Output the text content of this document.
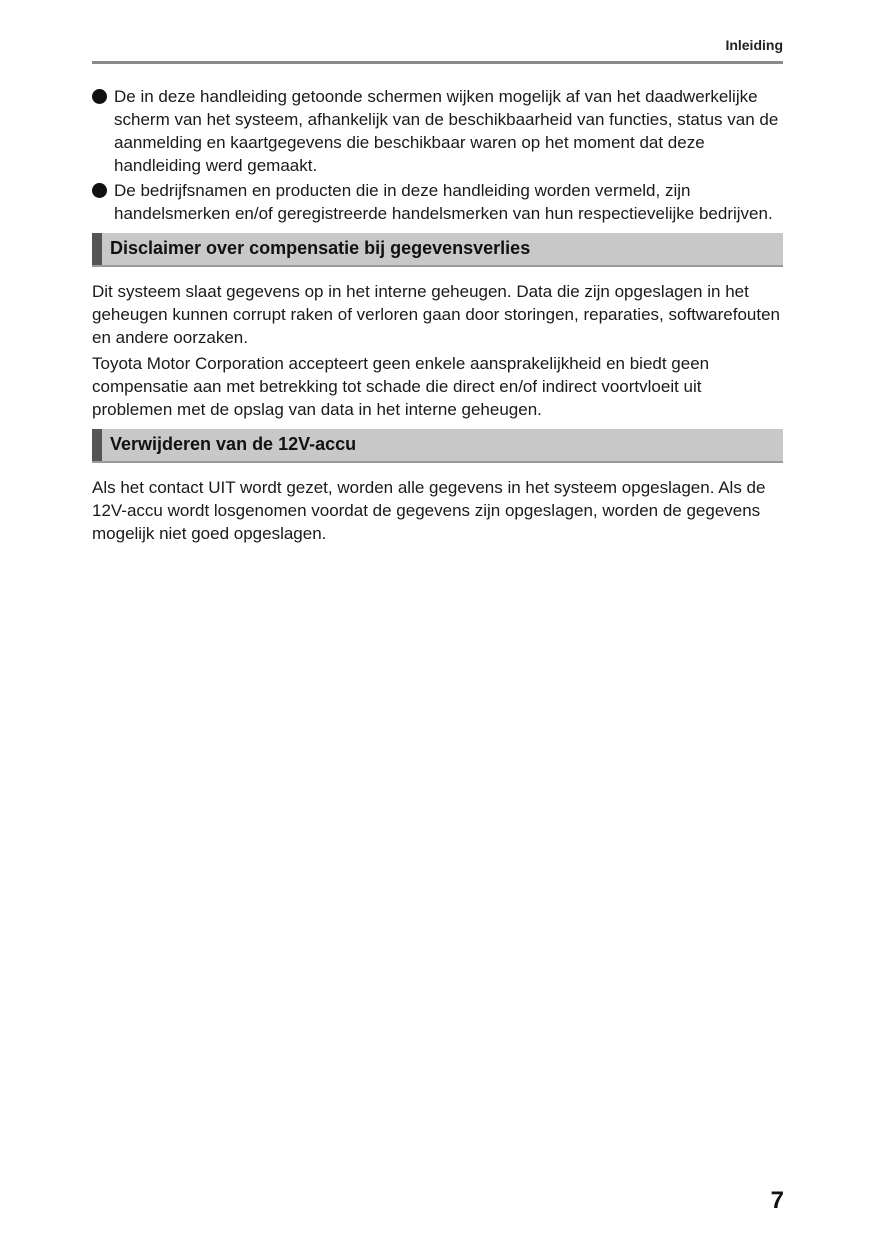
Inleiding
De in deze handleiding getoonde schermen wijken mogelijk af van het daadwerkelijke scherm van het systeem, afhankelijk van de beschikbaarheid van functies, status van de aanmelding en kaartgegevens die beschikbaar waren op het moment dat deze handleiding werd gemaakt.
De bedrijfsnamen en producten die in deze handleiding worden vermeld, zijn handelsmerken en/of geregistreerde handelsmerken van hun respectievelijke bedrijven.
Disclaimer over compensatie bij gegevensverlies

Dit systeem slaat gegevens op in het interne geheugen. Data die zijn opgeslagen in het geheugen kunnen corrupt raken of verloren gaan door storingen, reparaties, softwarefouten en andere oorzaken.

Toyota Motor Corporation accepteert geen enkele aansprakelijkheid en biedt geen compensatie aan met betrekking tot schade die direct en/of indirect voortvloeit uit problemen met de opslag van data in het interne geheugen.

Verwijderen van de 12V-accu

Als het contact UIT wordt gezet, worden alle gegevens in het systeem opgeslagen. Als de 12V-accu wordt losgenomen voordat de gegevens zijn opgeslagen, worden de gegevens mogelijk niet goed opgeslagen.

7
